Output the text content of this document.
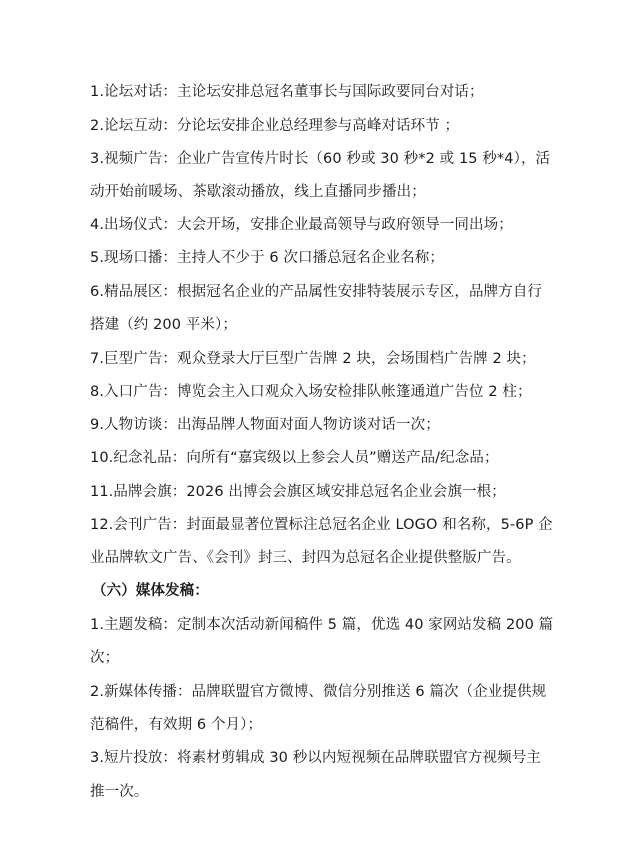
1.论坛对话：主论坛安排总冠名董事长与国际政要同台对话；
2.论坛互动：分论坛安排企业总经理参与高峰对话环节 ；
3.视频广告：企业广告宣传片时长（60 秒或 30 秒*2 或 15 秒*4），活
动开始前暖场、茶歇滚动播放，线上直播同步播出；
4.出场仪式：大会开场，安排企业最高领导与政府领导一同出场；
5.现场口播：主持人不少于 6 次口播总冠名企业名称；
6.精品展区：根据冠名企业的产品属性安排特装展示专区，品牌方自行
搭建（约 200 平米）；
7.巨型广告：观众登录大厅巨型广告牌 2 块，会场围档广告牌 2 块；
8.入口广告：博览会主入口观众入场安检排队帐篷通道广告位 2 柱；
9.人物访谈：出海品牌人物面对面人物访谈对话一次；
10.纪念礼品：向所有“嘉宾级以上参会人员”赠送产品/纪念品；
11.品牌会旗：2026 出博会会旗区域安排总冠名企业会旗一根；
12.会刊广告：封面最显著位置标注总冠名企业 LOGO 和名称，5-6P 企
业品牌软文广告、《会刊》封三、封四为总冠名企业提供整版广告。
（六）媒体发稿：
1.主题发稿：定制本次活动新闻稿件 5 篇，优选 40 家网站发稿 200 篇
次；
2.新媒体传播：品牌联盟官方微博、微信分别推送 6 篇次（企业提供规
范稿件，有效期 6 个月）；
3.短片投放：将素材剪辑成 30 秒以内短视频在品牌联盟官方视频号主
推一次。
